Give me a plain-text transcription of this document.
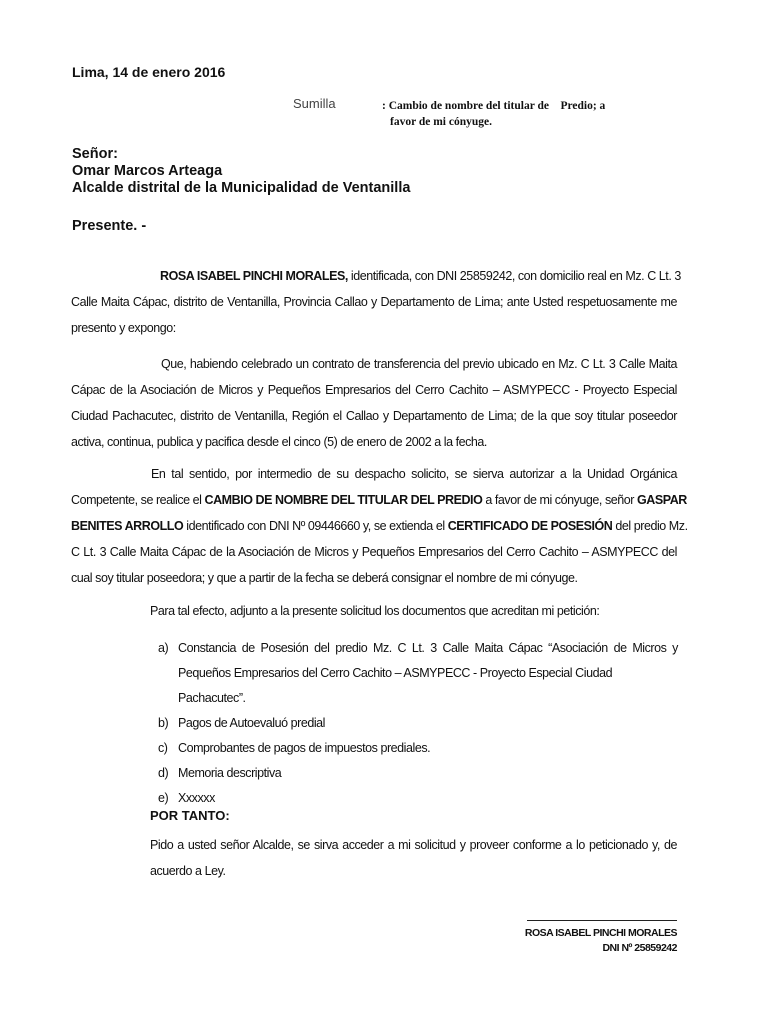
Lima, 14 de enero 2016
Sumilla	: Cambio de nombre del titular de    Predio; a
favor de mi cónyuge.
Señor:
Omar Marcos Arteaga
Alcalde distrital de la Municipalidad de Ventanilla
Presente. -
ROSA ISABEL PINCHI MORALES, identificada, con DNI 25859242, con domicilio real en Mz. C Lt. 3
Calle Maita Cápac, distrito de Ventanilla, Provincia Callao y Departamento de Lima; ante Usted respetuosamente me
presento y expongo:
Que, habiendo celebrado un contrato de transferencia del previo ubicado en Mz. C Lt. 3 Calle Maita
Cápac de la Asociación de Micros y Pequeños Empresarios del Cerro Cachito – ASMYPECC - Proyecto Especial
Ciudad Pachacutec, distrito de Ventanilla, Región el Callao y Departamento de Lima; de la que soy titular poseedor
activa, continua, publica y pacifica desde el cinco (5) de enero de 2002 a la fecha.
En tal sentido, por intermedio de su despacho solicito, se sierva autorizar a la Unidad Orgánica
Competente, se realice el CAMBIO DE NOMBRE DEL TITULAR DEL PREDIO a favor de mi cónyuge, señor GASPAR
BENITES ARROLLO identificado con DNI Nº 09446660 y, se extienda el CERTIFICADO DE POSESIÓN del predio Mz.
C Lt. 3 Calle Maita Cápac de la Asociación de Micros y Pequeños Empresarios del Cerro Cachito – ASMYPECC del
cual soy titular poseedora; y que a partir de la fecha se deberá consignar el nombre de mi cónyuge.
Para tal efecto, adjunto a la presente solicitud los documentos que acreditan mi petición:
a) Constancia de Posesión del predio Mz. C Lt. 3 Calle Maita Cápac “Asociación de Micros y
Pequeños Empresarios del Cerro Cachito – ASMYPECC - Proyecto Especial Ciudad Pachacutec”.
b) Pagos de Autoevaluó predial
c) Comprobantes de pagos de impuestos prediales.
d) Memoria descriptiva
e) Xxxxxx
POR TANTO:
Pido a usted señor Alcalde, se sirva acceder a mi solicitud y proveer conforme a lo peticionado y, de
acuerdo a Ley.
ROSA ISABEL PINCHI MORALES
DNI Nº 25859242
